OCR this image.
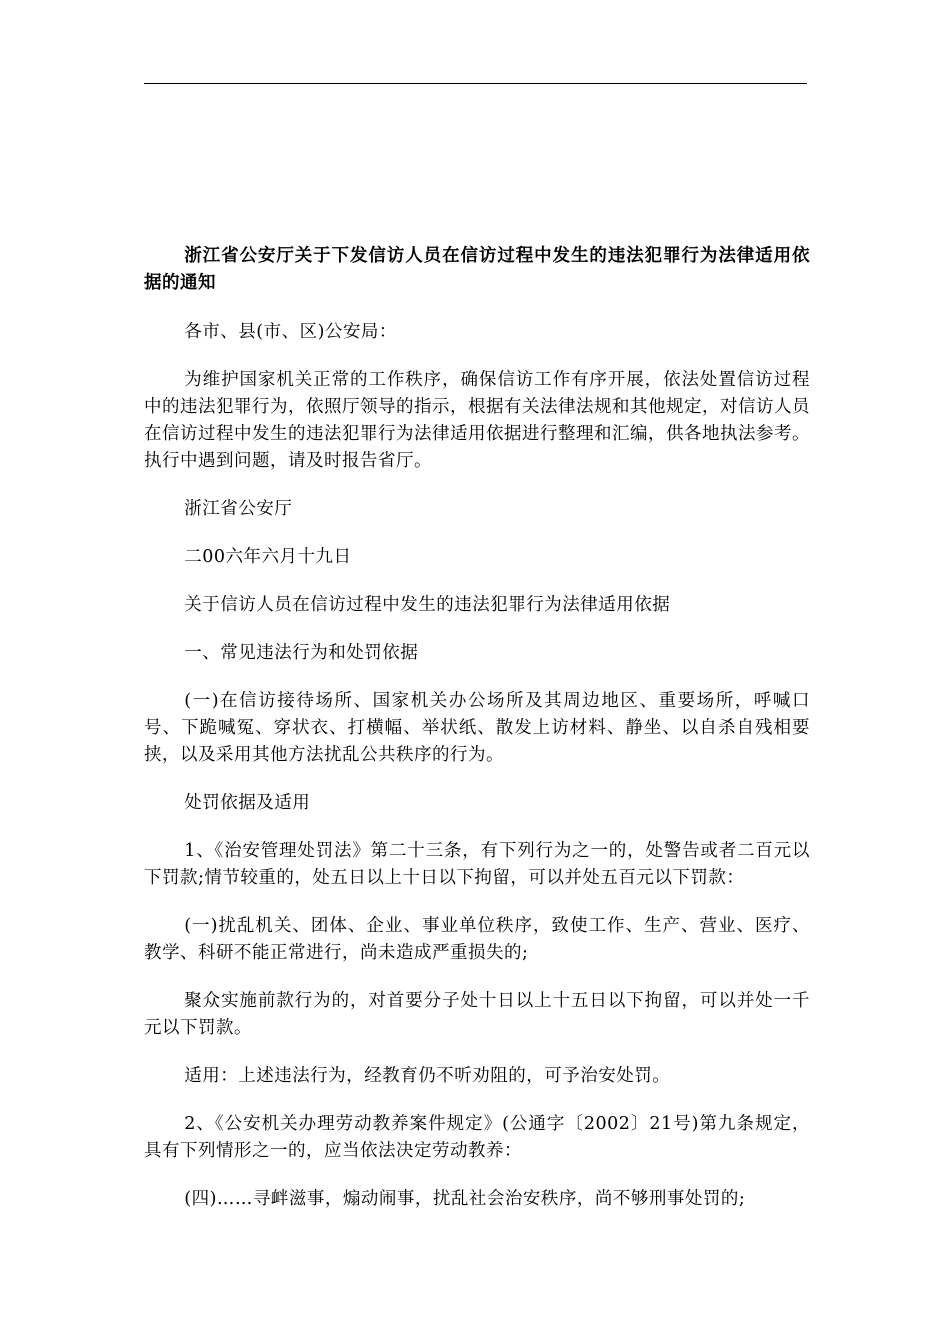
浙江省公安厅关于下发信访人员在信访过程中发生的违法犯罪行为法律适用依据的通知

各市、县(市、区)公安局：

为维护国家机关正常的工作秩序，确保信访工作有序开展，依法处置信访过程中的违法犯罪行为，依照厅领导的指示，根据有关法律法规和其他规定，对信访人员在信访过程中发生的违法犯罪行为法律适用依据进行整理和汇编，供各地执法参考。执行中遇到问题，请及时报告省厅。

浙江省公安厅

二00六年六月十九日

关于信访人员在信访过程中发生的违法犯罪行为法律适用依据

一、常见违法行为和处罚依据

(一)在信访接待场所、国家机关办公场所及其周边地区、重要场所，呼喊口号、下跪喊冤、穿状衣、打横幅、举状纸、散发上访材料、静坐、以自杀自残相要挟，以及采用其他方法扰乱公共秩序的行为。

处罚依据及适用

1、《治安管理处罚法》第二十三条，有下列行为之一的，处警告或者二百元以下罚款;情节较重的，处五日以上十日以下拘留，可以并处五百元以下罚款：

(一)扰乱机关、团体、企业、事业单位秩序，致使工作、生产、营业、医疗、教学、科研不能正常进行，尚未造成严重损失的;

聚众实施前款行为的，对首要分子处十日以上十五日以下拘留，可以并处一千元以下罚款。

适用：上述违法行为，经教育仍不听劝阻的，可予治安处罚。

2、《公安机关办理劳动教养案件规定》(公通字〔2002〕21号)第九条规定，具有下列情形之一的，应当依法决定劳动教养：

(四)……寻衅滋事，煽动闹事，扰乱社会治安秩序，尚不够刑事处罚的;
